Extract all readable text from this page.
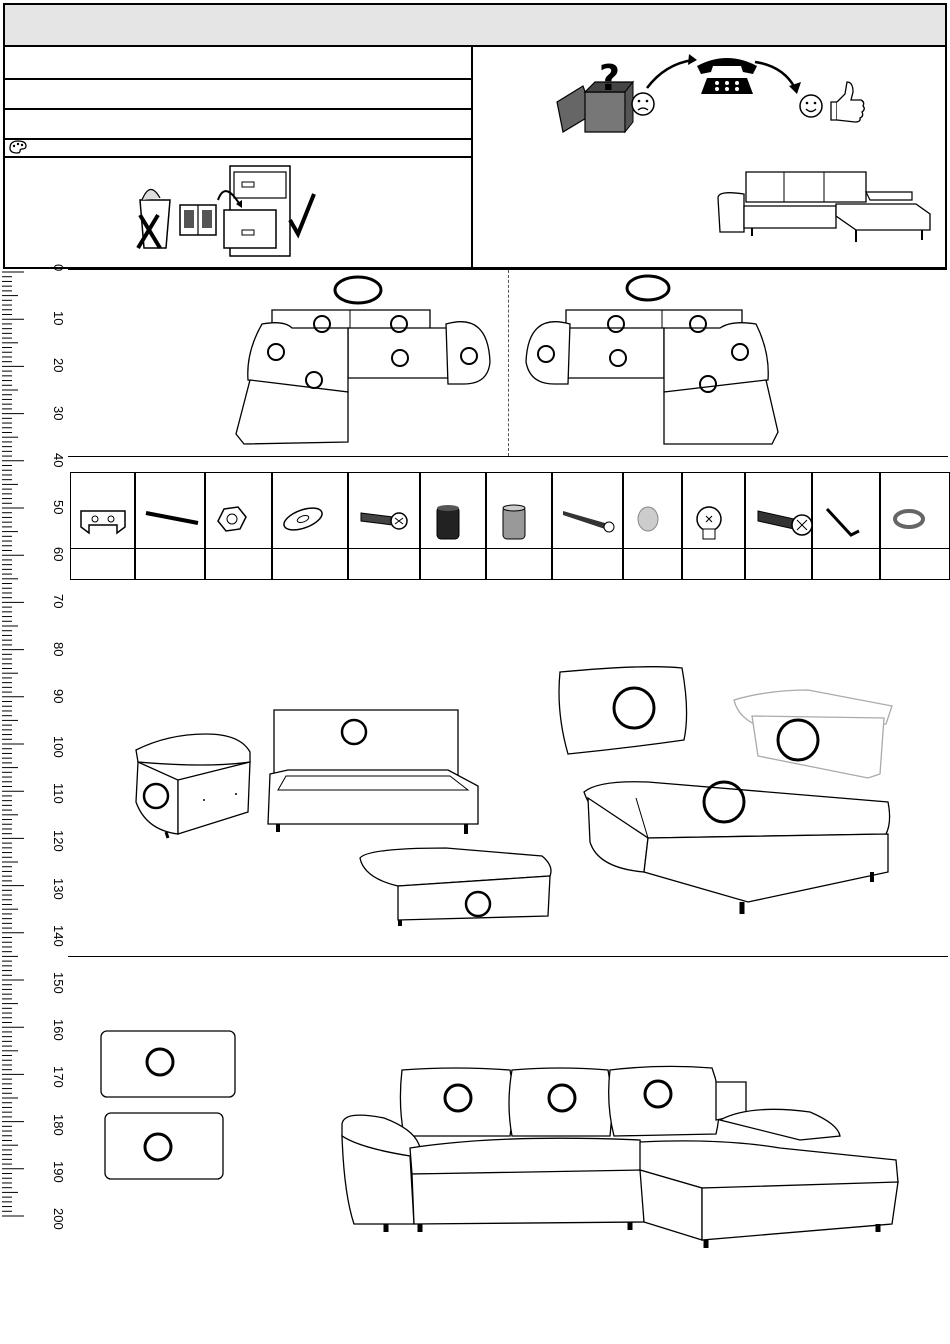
?
0
10
20
30
40
50
60
70
80
90
100
110
120
130
140
150
160
170
180
190
200
